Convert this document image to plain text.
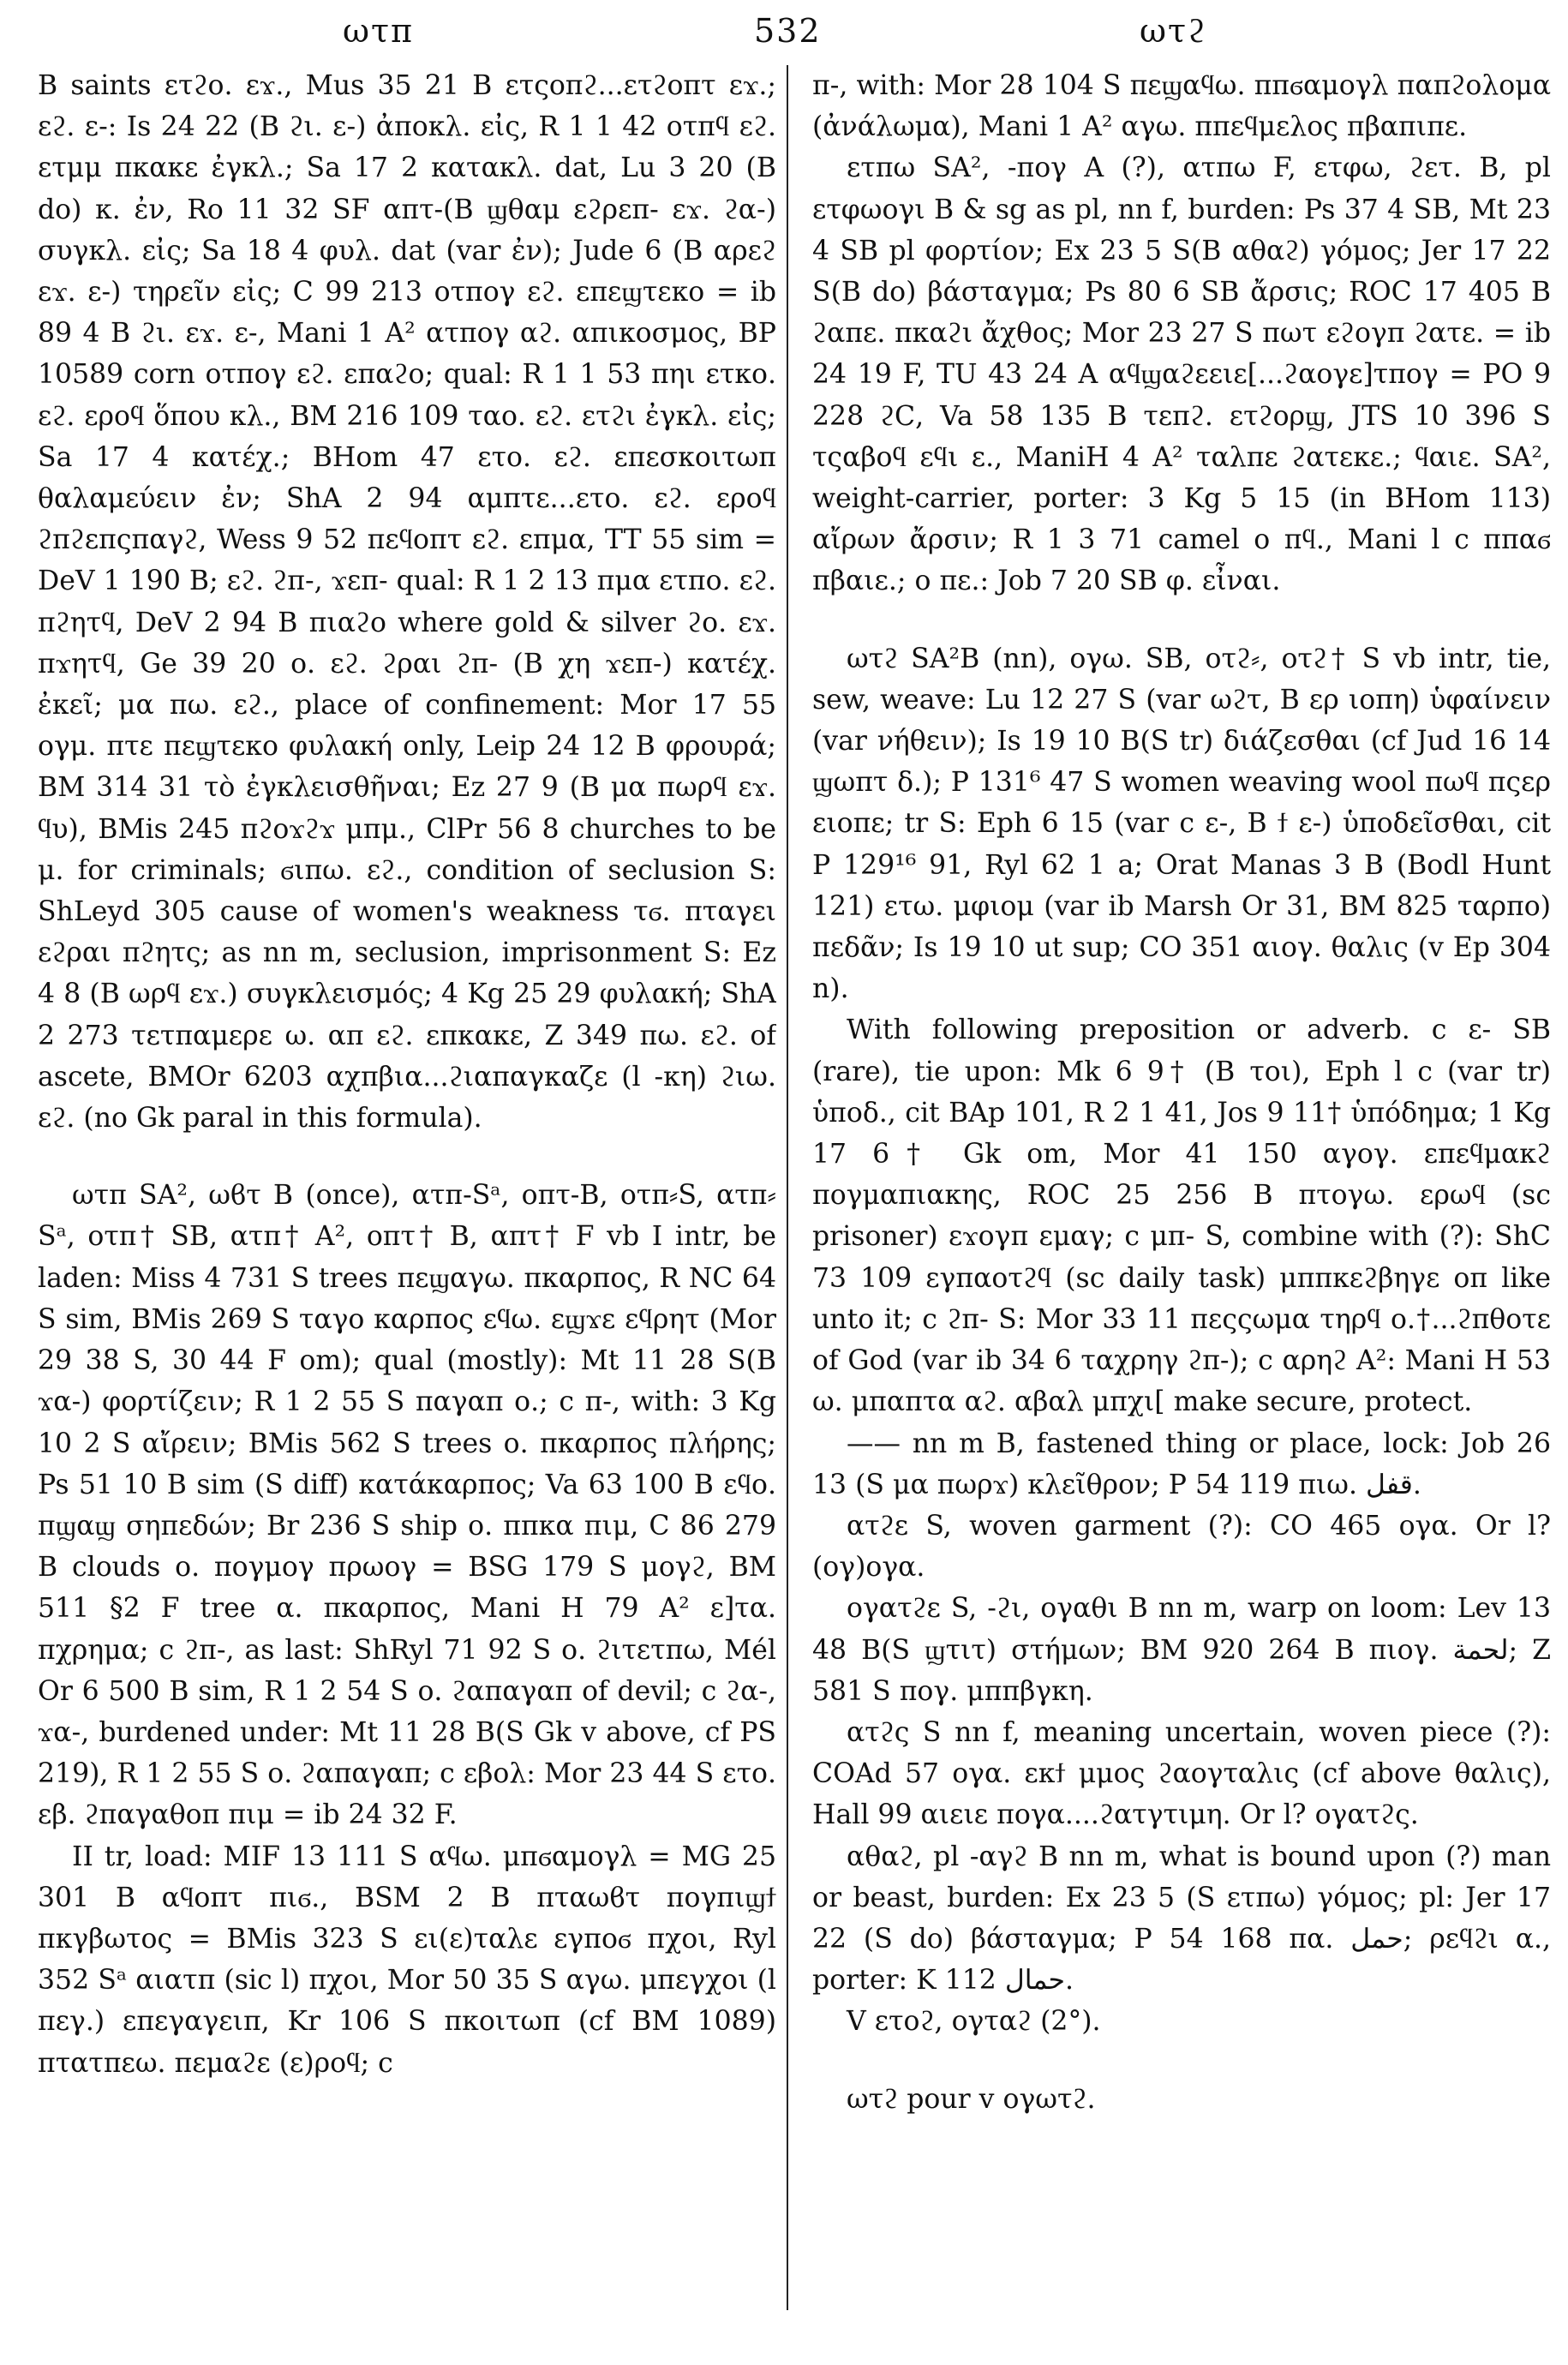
ωτπ	532	ωτϩ

B saints ετϩο. εϫ., Mus 35 21 B ετςοπϩ...ετϩοπτ εϫ.; εϩ. ε-: Is 24 22 (B ϩι. ε-) ἀποκλ. εἰς, R 1 1 42 οτπϥ εϩ. ετμμ πκακε ἐγκλ.; Sa 17 2 κατακλ. dat, Lu 3 20 (B do) κ. ἐν, Ro 11 32 SF απτ-(B ϣθαμ εϩρεπ- εϫ. ϩα-) συγκλ. εἰς; Sa 18 4 φυλ. dat (var ἐν); Jude 6 (B αρεϩ εϫ. ε-) τηρεῖν εἰς; C 99 213 οτπογ εϩ. επεϣτεκο = ib 89 4 B ϩι. εϫ. ε-, Mani 1 A² ατπογ αϩ. απικοσμος, BP 10589 corn οτπογ εϩ. επαϩο; qual: R 1 1 53 πηι ετκο. εϩ. εροϥ ὅπου κλ., BM 216 109 ταο. εϩ. ετϩι ἐγκλ. εἰς; Sa 17 4 κατέχ.; BHom 47 ετο. εϩ. επεσκοιτωπ θαλαμεύειν ἐν; ShA 2 94 αμπτε...ετο. εϩ. εροϥ ϩπϩεπςπαγϩ, Wess 9 52 πεϥοπτ εϩ. επμα, TT 55 sim = DeV 1 190 B; εϩ. ϩπ-, ϫεπ- qual: R 1 2 13 πμα ετπο. εϩ. πϩητϥ, DeV 2 94 B πιαϩο where gold & silver ϩο. εϫ. πϫητϥ, Ge 39 20 ο. εϩ. ϩραι ϩπ- (B χη ϫεπ-) κατέχ. ἐκεῖ; μα πω. εϩ., place of confinement: Mor 17 55 ογμ. πτε πεϣτεκο φυλακή only, Leip 24 12 B φρουρά; BM 314 31 τὸ ἐγκλεισθῆναι; Ez 27 9 (B μα πωρϥ εϫ. ϥυ), BMis 245 πϩοϫϩϫ μπμ., ClPr 56 8 churches to be μ. for criminals; ϭιπω. εϩ., condition of seclusion S: ShLeyd 305 cause of women's weakness τϭ. πταγει εϩραι πϩητς; as nn m, seclusion, imprisonment S: Ez 4 8 (B ωρϥ εϫ.) συγκλεισμός; 4 Kg 25 29 φυλακή; ShA 2 273 τετπαμερε ω. απ εϩ. επκακε, Z 349 πω. εϩ. of ascete, BMOr 6203 αχπβια...ϩιαπαγκαζε (l -κη) ϩιω. εϩ. (no Gk paral in this formula).

ωτπ SA², ωϐτ B (once), ατπ-Sᵃ, οπτ-B, οτπ⸗S, ατπ⸗Sᵃ, οτπ† SB, ατπ† A², οπτ† B, απτ† F vb I intr, be laden: Miss 4 731 S trees πεϣαγω. πκαρπος, R NC 64 S sim, BMis 269 S ταγο καρπος εϥω. εϣϫε εϥρητ (Mor 29 38 S, 30 44 F om); qual (mostly): Mt 11 28 S(B ϫα-) φορτίζειν; R 1 2 55 S παγαπ ο.; c π-, with: 3 Kg 10 2 S αἴρειν; BMis 562 S trees ο. πκαρπος πλήρης; Ps 51 10 B sim (S diff) κατάκαρπος; Va 63 100 B εϥο. πϣαϣ σηπεδών; Br 236 S ship ο. ππκα πιμ, C 86 279 B clouds ο. πογμογ πρωογ = BSG 179 S μογϩ, BM 511 §2 F tree α. πκαρπος, Mani H 79 A² ε]τα. πχρημα; c ϩπ-, as last: ShRyl 71 92 S ο. ϩιτετπω, Mél Or 6 500 B sim, R 1 2 54 S ο. ϩαπαγαπ of devil; c ϩα-, ϫα-, burdened under: Mt 11 28 B(S Gk v above, cf PS 219), R 1 2 55 S ο. ϩαπαγαπ; c εβολ: Mor 23 44 S ετο. εβ. ϩπαγαθοπ πιμ = ib 24 32 F.

II tr, load: MIF 13 111 S αϥω. μπϭαμογλ = MG 25 301 B αϥοπτ πιϭ., BSM 2 B πταωϐτ πογπιϣϯ πκγβωτος = BMis 323 S ει(ε)ταλε εγποϭ πχοι, Ryl 352 Sᵃ αιατπ (sic l) πχοι, Mor 50 35 S αγω. μπεγχοι (l πεγ.) επεγαγειπ, Kr 106 S πκοιτωπ (cf BM 1089) πτατπεω. πεμαϩε (ε)ροϥ; c

π-, with: Mor 28 104 S πεϣαϥω. ππϭαμογλ παπϩολομα (ἀνάλωμα), Mani 1 A² αγω. ππεϥμελος πβαπιπε.

ετπω SA², -πογ A (?), ατπω F, ετφω, ϩετ. B, pl ετφωογι B & sg as pl, nn f, burden: Ps 37 4 SB, Mt 23 4 SB pl φορτίον; Ex 23 5 S(B αθαϩ) γόμος; Jer 17 22 S(B do) βάσταγμα; Ps 80 6 SB ἄρσις; ROC 17 405 B ϩαπε. πκαϩι ἄχθος; Mor 23 27 S πωτ εϩογπ ϩατε. = ib 24 19 F, TU 43 24 A αϥϣαϩεειε[...ϩαογε]τπογ = PO 9 228 ϩϹ, Va 58 135 B τεπϩ. ετϩορϣ, JTS 10 396 S τςαβοϥ εϥι ε., ManiH 4 A² ταλπε ϩατεκε.; ϥαιε. SA², weight-carrier, porter: 3 Kg 5 15 (in BHom 113) αἴρων ἄρσιν; R 1 3 71 camel ο πϥ., Mani l c ππαϭ πβαιε.; ο πε.: Job 7 20 SB φ. εἶναι.

ωτϩ SA²B (nn), ογω. SB, οτϩ⸗, οτϩ† S vb intr, tie, sew, weave: Lu 12 27 S (var ωϩτ, B ερ ιοπη) ὑφαίνειν (var νήθειν); Is 19 10 B(S tr) διάζεσθαι (cf Jud 16 14 ϣωπτ δ.); P 131⁶ 47 S women weaving wool πωϥ πςερ ειοπε; tr S: Eph 6 15 (var c ε-, B ϯ ε-) ὑποδεῖσθαι, cit P 129¹⁶ 91, Ryl 62 1 a; Orat Manas 3 B (Bodl Hunt 121) ετω. μφιομ (var ib Marsh Or 31, BM 825 ταρπο) πεδᾶν; Is 19 10 ut sup; CO 351 αιογ. θαλις (v Ep 304 n).

With following preposition or adverb. c ε- SB (rare), tie upon: Mk 6 9† (B τοι), Eph l c (var tr) ὑποδ., cit BAp 101, R 2 1 41, Jos 9 11† ὑπόδημα; 1 Kg 17 6† Gk om, Mor 41 150 αγογ. επεϥμακϩ πογμαπιακης, ROC 25 256 B πτογω. ερωϥ (sc prisoner) εϫογπ εμαγ; c μπ- S, combine with (?): ShC 73 109 εγπαοτϩϥ (sc daily task) μππκεϩβηγε οπ like unto it; c ϩπ- S: Mor 33 11 πεςςωμα τηρϥ ο.†...ϩπθοτε of God (var ib 34 6 ταχρηγ ϩπ-); c αρηϩ A²: Mani H 53 ω. μπαπτα αϩ. αβαλ μπχι[ make secure, protect.

—— nn m B, fastened thing or place, lock: Job 26 13 (S μα πωρϫ) κλεῖθρον; P 54 119 πιω. قفل.

ατϩε S, woven garment (?): CO 465 ογα. Or l? (ογ)ογα.

ογατϩε S, -ϩι, ογαθι B nn m, warp on loom: Lev 13 48 B(S ϣτιτ) στήμων; BM 920 264 B πιογ. لحمة; Z 581 S πογ. μππβγκη.

ατϩς S nn f, meaning uncertain, woven piece (?): COAd 57 ογα. εκϯ μμος ϩαογταλις (cf above θαλις), Hall 99 αιειε πογα....ϩατγτιμη. Or l? ογατϩς.

αθαϩ, pl -αγϩ B nn m, what is bound upon (?) man or beast, burden: Ex 23 5 (S ετπω) γόμος; pl: Jer 17 22 (S do) βάσταγμα; P 54 168 πα. حمل; ρεϥϩι α., porter: K 112 حمال.

V ετοϩ, ογταϩ (2°).

ωτϩ pour v ογωτϩ.
